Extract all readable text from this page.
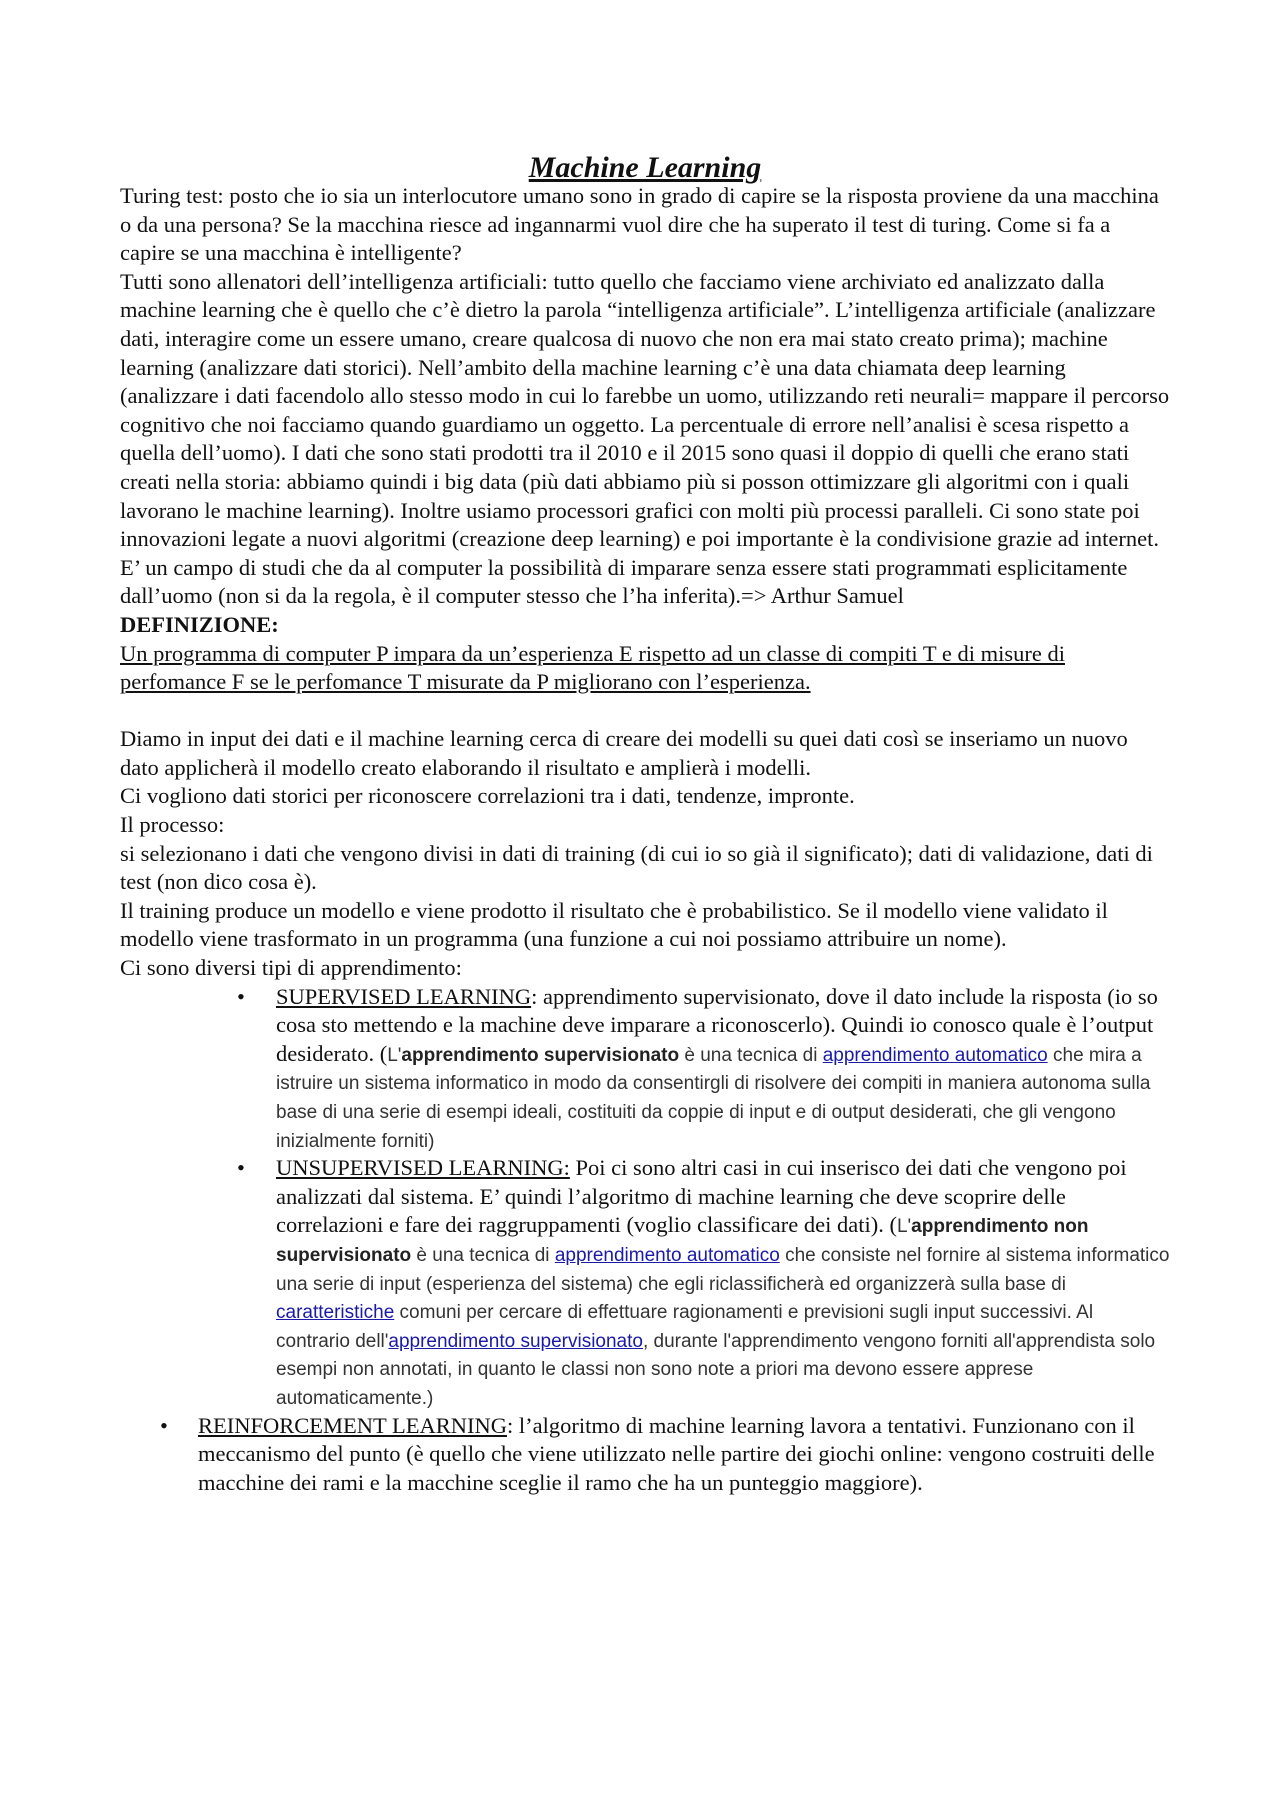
Machine Learning

Turing test: posto che io sia un interlocutore umano sono in grado di capire se la risposta proviene da una macchina o da una persona? Se la macchina riesce ad ingannarmi vuol dire che ha superato il test di turing. Come si fa a capire se una macchina è intelligente?

Tutti sono allenatori dell’intelligenza artificiali: tutto quello che facciamo viene archiviato ed analizzato dalla machine learning che è quello che c’è dietro la parola “intelligenza artificiale”. L’intelligenza artificiale (analizzare dati, interagire come un essere umano, creare qualcosa di nuovo che non era mai stato creato prima); machine learning (analizzare dati storici). Nell’ambito della machine learning c’è una data chiamata deep learning (analizzare i dati facendolo allo stesso modo in cui lo farebbe un uomo, utilizzando reti neurali= mappare il percorso cognitivo che noi facciamo quando guardiamo un oggetto. La percentuale di errore nell’analisi è scesa rispetto a quella dell’uomo). I dati che sono stati prodotti tra il 2010 e il 2015 sono quasi il doppio di quelli che erano stati creati nella storia: abbiamo quindi i big data (più dati abbiamo più si posson ottimizzare gli algoritmi con i quali lavorano le machine learning). Inoltre usiamo processori grafici con molti più processi paralleli. Ci sono state poi innovazioni legate a nuovi algoritmi (creazione deep learning) e poi importante è la condivisione grazie ad internet.

E’ un campo di studi che da al computer la possibilità di imparare senza essere stati programmati esplicitamente dall’uomo (non si da la regola, è il computer stesso che l’ha inferita).=> Arthur Samuel

DEFINIZIONE:

Un programma di computer P impara da un’esperienza E rispetto ad un classe di compiti T e di misure di perfomance F se le perfomance T misurate da P migliorano con l’esperienza.

Diamo in input dei dati e il machine learning cerca di creare dei modelli su quei dati così se inseriamo un nuovo dato applicherà il modello creato elaborando il risultato e amplierà i modelli.

Ci vogliono dati storici per riconoscere correlazioni tra i dati, tendenze, impronte.

Il processo:

si selezionano i dati che vengono divisi in dati di training (di cui io so già il significato); dati di validazione, dati di test (non dico cosa è).

Il training produce un modello e viene prodotto il risultato che è probabilistico. Se il modello viene validato il modello viene trasformato in un programma (una funzione a cui noi possiamo attribuire un nome).

Ci sono diversi tipi di apprendimento:

• SUPERVISED LEARNING: apprendimento supervisionato, dove il dato include la risposta (io so cosa sto mettendo e la machine deve imparare a riconoscerlo). Quindi io conosco quale è l’output desiderato. (L'apprendimento supervisionato è una tecnica di apprendimento automatico che mira a istruire un sistema informatico in modo da consentirgli di risolvere dei compiti in maniera autonoma sulla base di una serie di esempi ideali, costituiti da coppie di input e di output desiderati, che gli vengono inizialmente forniti)
• UNSUPERVISED LEARNING: Poi ci sono altri casi in cui inserisco dei dati che vengono poi analizzati dal sistema. E’ quindi l’algoritmo di machine learning che deve scoprire delle correlazioni e fare dei raggruppamenti (voglio classificare dei dati). (L'apprendimento non supervisionato è una tecnica di apprendimento automatico che consiste nel fornire al sistema informatico una serie di input (esperienza del sistema) che egli riclassificherà ed organizzerà sulla base di caratteristiche comuni per cercare di effettuare ragionamenti e previsioni sugli input successivi. Al contrario dell'apprendimento supervisionato, durante l'apprendimento vengono forniti all'apprendista solo esempi non annotati, in quanto le classi non sono note a priori ma devono essere apprese automaticamente.)
• REINFORCEMENT LEARNING: l’algoritmo di machine learning lavora a tentativi. Funzionano con il meccanismo del punto (è quello che viene utilizzato nelle partire dei giochi online: vengono costruiti delle macchine dei rami e la macchine sceglie il ramo che ha un punteggio maggiore).
